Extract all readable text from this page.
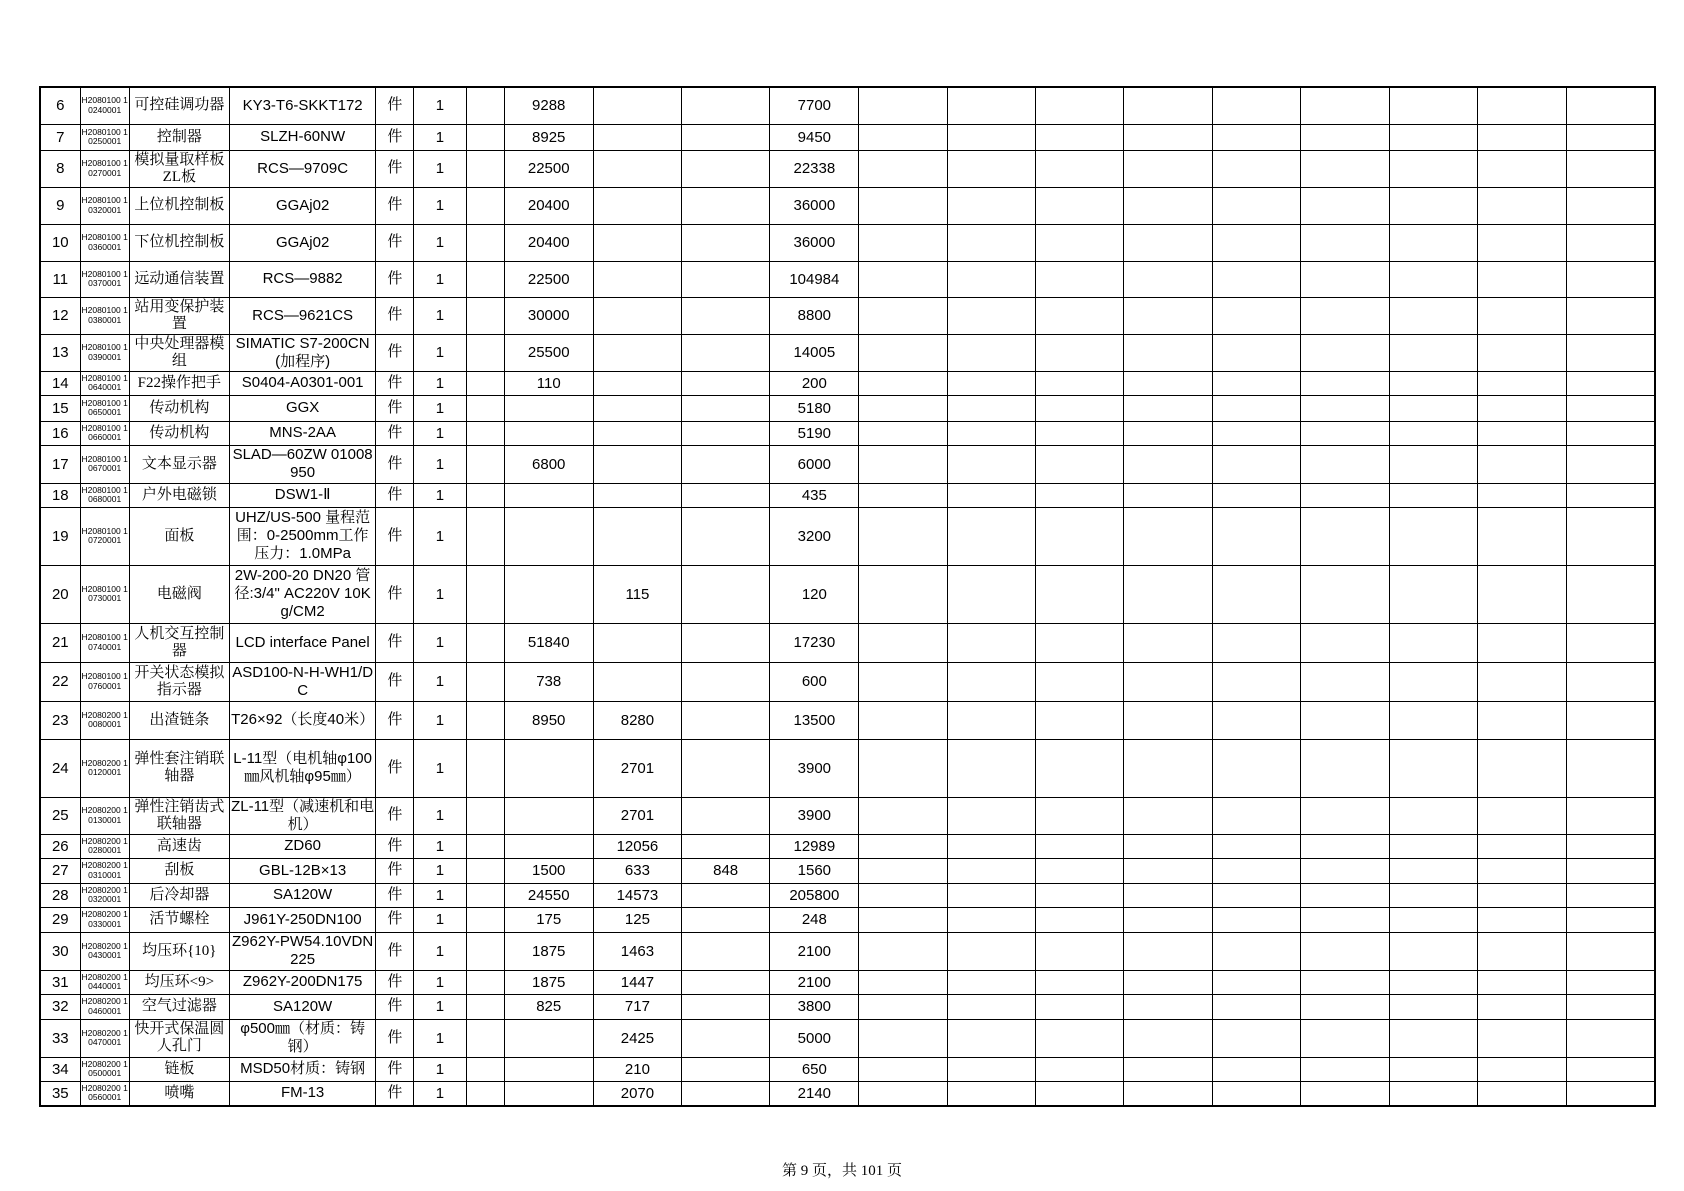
6	H2080100 10240001	可控硅调功器	KY3-T6-SKKT172	件	1		9288			7700									
7	H2080100 10250001	控制器	SLZH-60NW	件	1		8925			9450									
8	H2080100 10270001	模拟量取样板 ZL板	RCS—9709C	件	1		22500			22338									
9	H2080100 10320001	上位机控制板	GGAj02	件	1		20400			36000									
10	H2080100 10360001	下位机控制板	GGAj02	件	1		20400			36000									
11	H2080100 10370001	远动通信装置	RCS—9882	件	1		22500			104984									
12	H2080100 10380001	站用变保护装置	RCS—9621CS	件	1		30000			8800									
13	H2080100 10390001	中央处理器模组	SIMATIC S7-200CN(加程序)	件	1		25500			14005									
14	H2080100 10640001	F22操作把手	S0404-A0301-001	件	1		110			200									
15	H2080100 10650001	传动机构	GGX	件	1					5180									
16	H2080100 10660001	传动机构	MNS-2AA	件	1					5190									
17	H2080100 10670001	文本显示器	SLAD—60ZW 01008950	件	1		6800			6000									
18	H2080100 10680001	户外电磁锁	DSW1-Ⅱ	件	1					435									
19	H2080100 10720001	面板	UHZ/US-500 量程范围：0-2500mm工作压力：1.0MPa	件	1					3200									
20	H2080100 10730001	电磁阀	2W-200-20 DN20 管径:3/4" AC220V 10Kg/CM2	件	1			115		120									
21	H2080100 10740001	人机交互控制器	LCD interface Panel	件	1		51840			17230									
22	H2080100 10760001	开关状态模拟指示器	ASD100-N-H-WH1/DC	件	1		738			600									
23	H2080200 10080001	出渣链条	T26×92（长度40米）	件	1		8950	8280		13500									
24	H2080200 10120001	弹性套注销联轴器	L-11型（电机轴φ100㎜风机轴φ95㎜）	件	1			2701		3900									
25	H2080200 10130001	弹性注销齿式联轴器	ZL-11型（减速机和电机）	件	1			2701		3900									
26	H2080200 10280001	高速齿	ZD60	件	1			12056		12989									
27	H2080200 10310001	刮板	GBL-12B×13	件	1		1500	633	848	1560									
28	H2080200 10320001	后冷却器	SA120W	件	1		24550	14573		205800									
29	H2080200 10330001	活节螺栓	J961Y-250DN100	件	1		175	125		248									
30	H2080200 10430001	均压环{10}	Z962Y-PW54.10VDN225	件	1		1875	1463		2100									
31	H2080200 10440001	均压环<9>	Z962Y-200DN175	件	1		1875	1447		2100									
32	H2080200 10460001	空气过滤器	SA120W	件	1		825	717		3800									
33	H2080200 10470001	快开式保温圆人孔门	φ500㎜（材质：铸钢）	件	1			2425		5000									
34	H2080200 10500001	链板	MSD50材质：铸钢	件	1			210		650									
35	H2080200 10560001	喷嘴	FM-13	件	1			2070		2140									
第 9 页，共 101 页
